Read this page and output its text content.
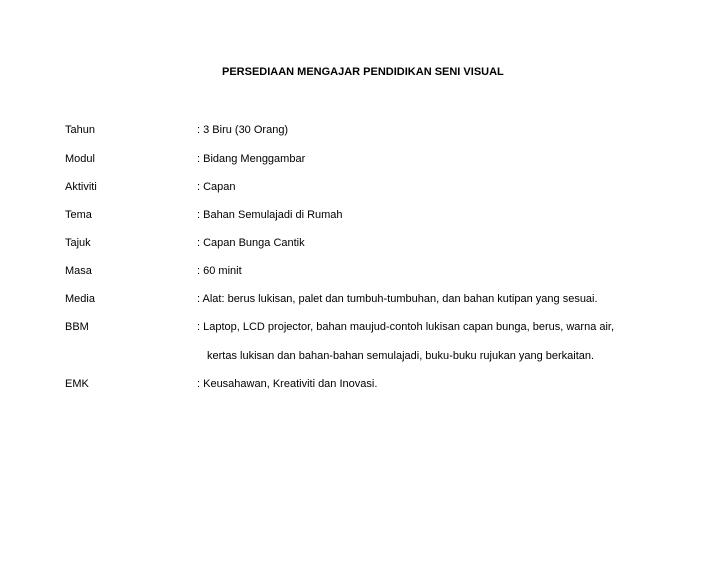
PERSEDIAAN MENGAJAR PENDIDIKAN SENI VISUAL
Tahun	: 3 Biru (30 Orang)
Modul	: Bidang Menggambar
Aktiviti	: Capan
Tema	: Bahan Semulajadi di Rumah
Tajuk	: Capan Bunga Cantik
Masa	: 60 minit
Media	: Alat: berus lukisan, palet dan tumbuh-tumbuhan, dan bahan kutipan yang sesuai.
BBM	: Laptop, LCD projector, bahan maujud-contoh lukisan capan bunga, berus, warna air,
kertas lukisan dan bahan-bahan semulajadi, buku-buku rujukan yang berkaitan.
EMK	: Keusahawan, Kreativiti dan Inovasi.
